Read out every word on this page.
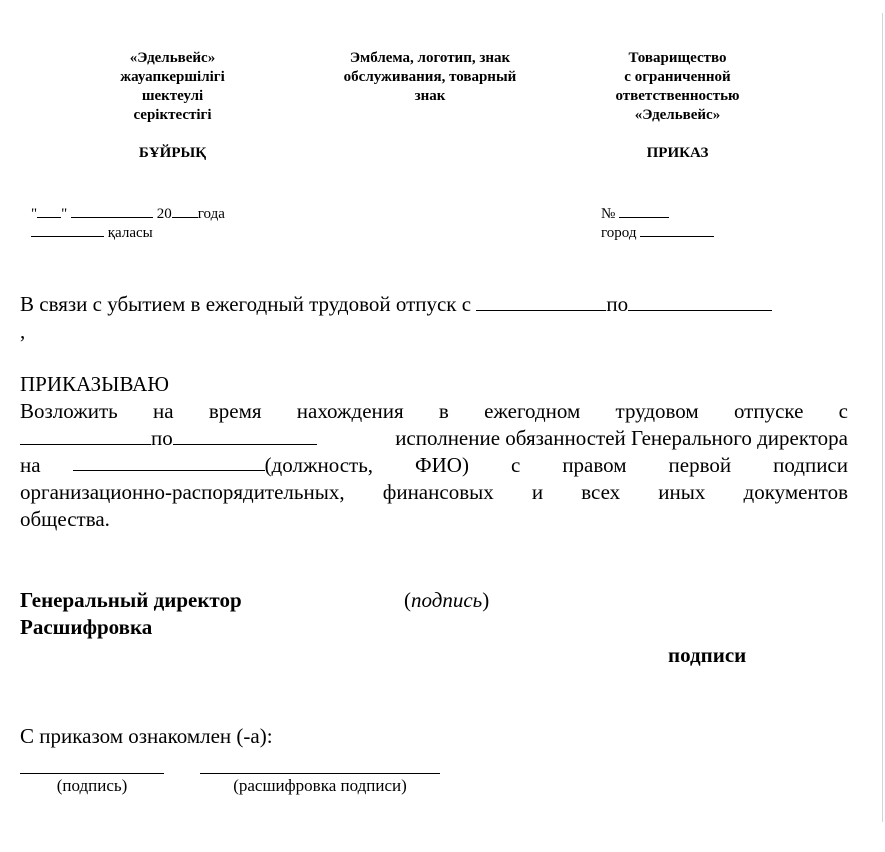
«Эдельвейс»
жауапкершілігі
шектеулі
серіктестігі
БҰЙРЫҚ
Эмблема, логотип, знак
обслуживания, товарный
знак
Товарищество
с ограниченной
ответственностью
«Эдельвейс»
ПРИКАЗ
" "	20 года
қаласы
№
город
В связи с убытием в ежегодный трудовой отпуск с	по
,
ПРИКАЗЫВАЮ
Возложить на время нахождения в ежегодном трудовом отпуске с
по	исполнение обязанностей Генерального директора
на	(должность, ФИО) с правом первой подписи
организационно-распорядительных, финансовых и всех иных документов
общества.
Генеральный директор	(подпись)
Расшифровка
подписи
С приказом ознакомлен (-а):
(подпись)	(расшифровка подписи)
